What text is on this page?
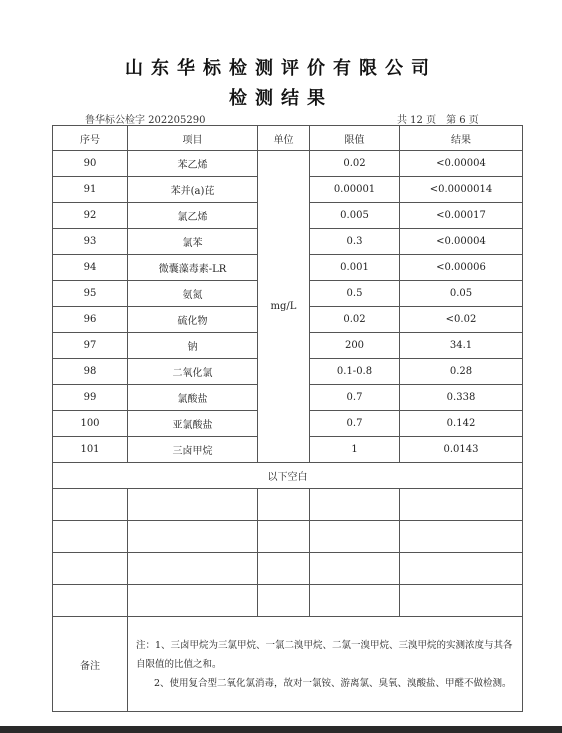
山东华标检测评价有限公司
检测结果
鲁华标公检字 202205290	共 12 页　第 6 页
序号	项目	单位	限值	结果
90	苯乙烯	mg/L	0.02	<0.00004
91	苯并(a)芘		0.00001	<0.0000014
92	氯乙烯		0.005	<0.00017
93	氯苯		0.3	<0.00004
94	微囊藻毒素-LR		0.001	<0.00006
95	氨氮		0.5	0.05
96	硫化物		0.02	<0.02
97	钠		200	34.1
98	二氧化氯		0.1-0.8	0.28
99	氯酸盐		0.7	0.338
100	亚氯酸盐		0.7	0.142
101	三卤甲烷		1	0.0143
以下空白				

备注	注：1、三卤甲烷为三氯甲烷、一氯二溴甲烷、二氯一溴甲烷、三溴甲烷的实测浓度与其各自限值的比值之和。

2、使用复合型二氧化氯消毒，故对一氯铵、游离氯、臭氧、溴酸盐、甲醛不做检测。			
